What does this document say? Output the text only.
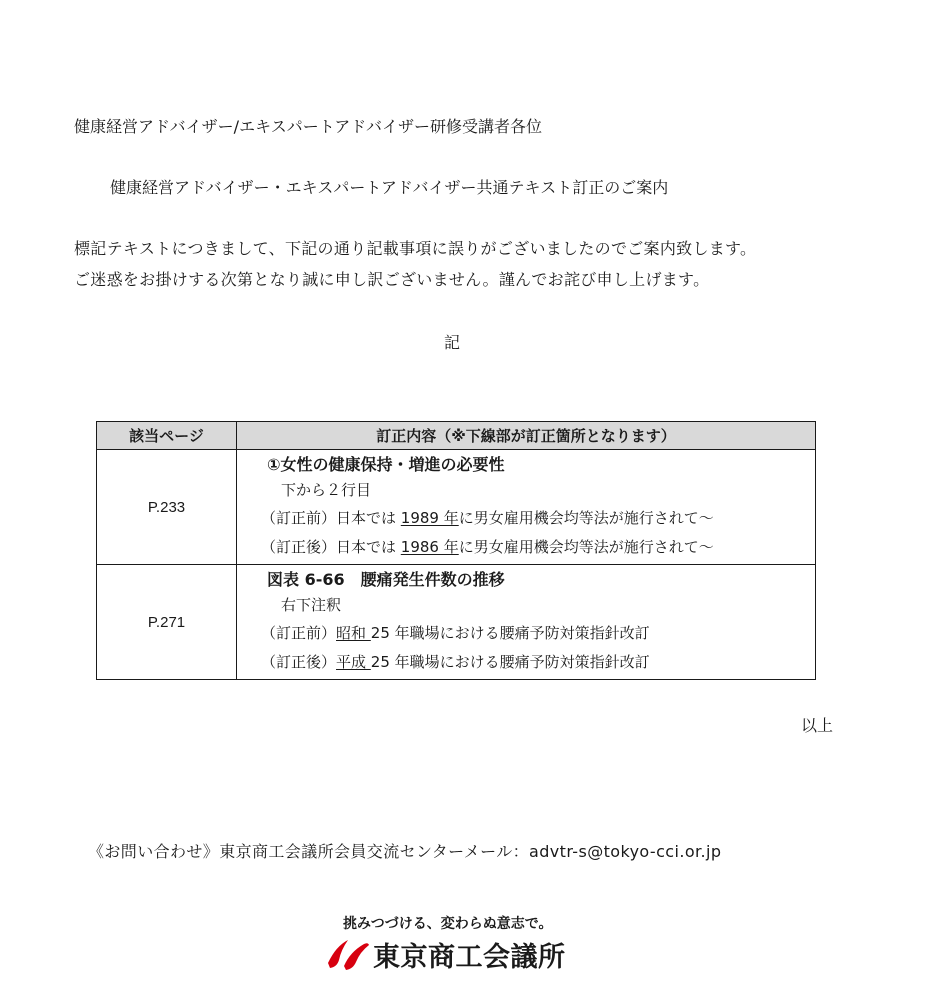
健康経営アドバイザー/エキスパートアドバイザー研修受講者各位
健康経営アドバイザー・エキスパートアドバイザー共通テキスト訂正のご案内
標記テキストにつきまして、下記の通り記載事項に誤りがございましたのでご案内致します。
ご迷惑をお掛けする次第となり誠に申し訳ございません。謹んでお詫び申し上げます。
記
該当ページ	訂正内容（※下線部が訂正箇所となります）
P.233	①女性の健康保持・増進の必要性
下から２行目
（訂正前）日本では 1989 年に男女雇用機会均等法が施行されて～
（訂正後）日本では 1986 年に男女雇用機会均等法が施行されて～

P.271	図表 6-66　腰痛発生件数の推移
右下注釈
（訂正前）昭和 25 年職場における腰痛予防対策指針改訂
（訂正後）平成 25 年職場における腰痛予防対策指針改訂
以上
《お問い合わせ》東京商工会議所会員交流センターメール：advtr-s@tokyo-cci.or.jp
挑みつづける、変わらぬ意志で。
東京商工会議所
